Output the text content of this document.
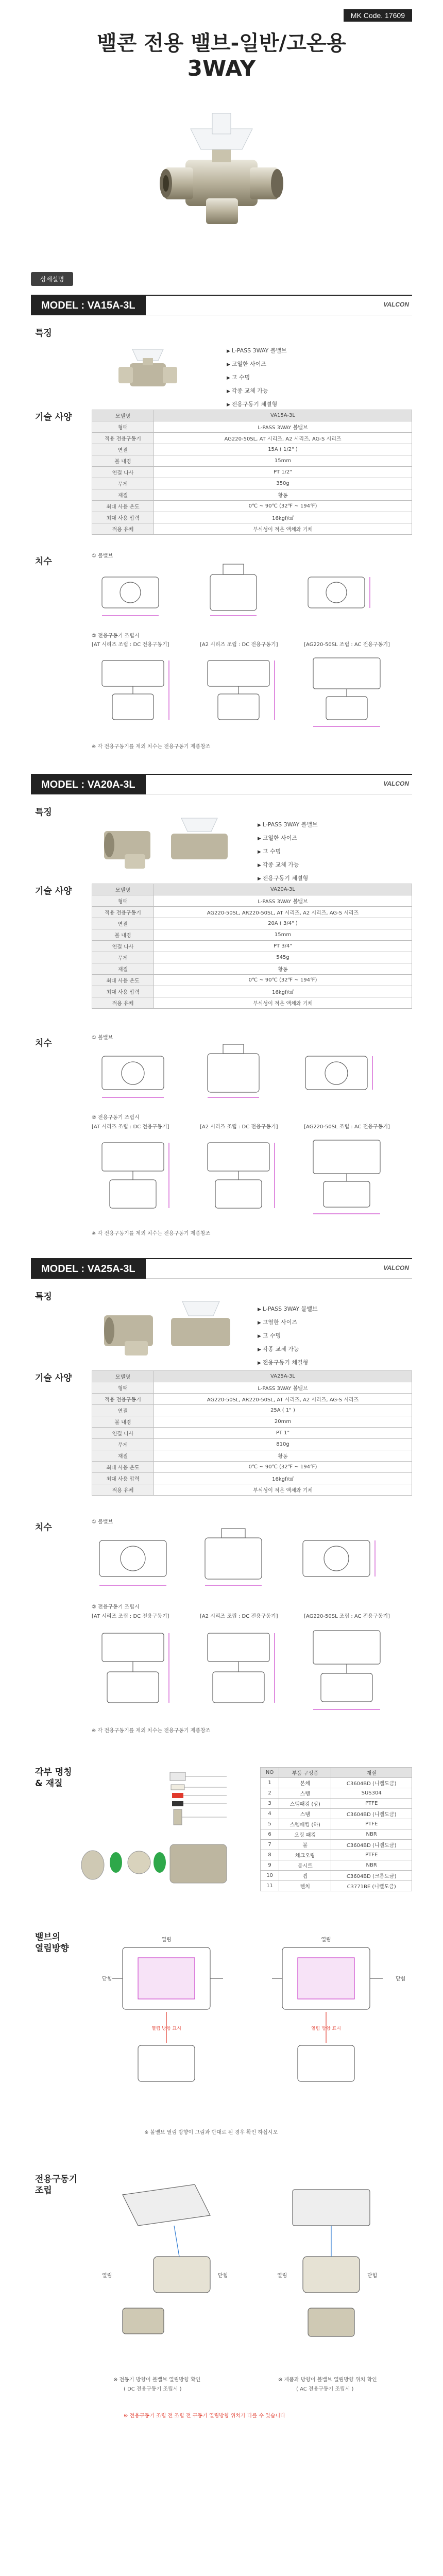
MK Code. 17609
밸콘 전용 밸브-일반/고온용
3WAY
상세설명
MODEL : VA15A-3L	VALCON
특징
▶ L-PASS 3WAY 볼밸브
▶ 고열한 사이즈
▶ 고 수명
▶ 각종 교체 가능
▶ 전용구동기 체결형
기술 사양	모델명	VA15A-3L
형태	L-PASS 3WAY 볼밸브
적용 전용구동기	AG220-50SL, AT 시리즈, A2 시리즈, AG-S 시리즈
연결	15A ( 1/2" )
볼 내경	15mm
연결 나사	PT 1/2"
무게	350g
재질	황동
최대 사용 온도	0℃ ~ 90℃ (32℉ ~ 194℉)
최대 사용 압력	16kgf/㎠
적용 유체	부식성이 적은 액체와 기체
치수
① 볼밸브
② 전용구동기 조립시
[AT 시리즈 조립 : DC 전용구동기]	[A2 시리즈 조립 : DC 전용구동기]	[AG220-50SL 조립 : AC 전용구동기]
※ 각 전용구동기를 제외 치수는 전용구동기 제품참조
MODEL : VA20A-3L	VALCON
특징
▶ L-PASS 3WAY 볼밸브
▶ 고열한 사이즈
▶ 고 수명
▶ 각종 교체 가능
▶ 전용구동기 체결형
기술 사양	모델명	VA20A-3L
형태	L-PASS 3WAY 볼밸브
적용 전용구동기	AG220-50SL, AR220-50SL, AT 시리즈, A2 시리즈, AG-S 시리즈
연결	20A ( 3/4" )
볼 내경	15mm
연결 나사	PT 3/4"
무게	545g
재질	황동
최대 사용 온도	0℃ ~ 90℃ (32℉ ~ 194℉)
최대 사용 압력	16kgf/㎠
적용 유체	부식성이 적은 액체와 기체
치수
① 볼밸브
② 전용구동기 조립시
[AT 시리즈 조립 : DC 전용구동기]	[A2 시리즈 조립 : DC 전용구동기]	[AG220-50SL 조립 : AC 전용구동기]
※ 각 전용구동기를 제외 치수는 전용구동기 제품참조
MODEL : VA25A-3L	VALCON
특징
▶ L-PASS 3WAY 볼밸브
▶ 고열한 사이즈
▶ 고 수명
▶ 각종 교체 가능
▶ 전용구동기 체결형
기술 사양	모델명	VA25A-3L
형태	L-PASS 3WAY 볼밸브
적용 전용구동기	AG220-50SL, AR220-50SL, AT 시리즈, A2 시리즈, AG-S 시리즈
연결	25A ( 1" )
볼 내경	20mm
연결 나사	PT 1"
무게	810g
재질	황동
최대 사용 온도	0℃ ~ 90℃ (32℉ ~ 194℉)
최대 사용 압력	16kgf/㎠
적용 유체	부식성이 적은 액체와 기체
치수
① 볼밸브
② 전용구동기 조립시
[AT 시리즈 조립 : DC 전용구동기]	[A2 시리즈 조립 : DC 전용구동기]	[AG220-50SL 조립 : AC 전용구동기]
※ 각 전용구동기를 제외 치수는 전용구동기 제품참조
각부 명칭
& 재질
NO	부품 구성품	재질
1	본체	C3604BD (니켈도금)
2	스템	SUS304
3	스템패킹 (상)	PTFE
4	스템	C3604BD (니켈도금)
5	스템패킹 (하)	PTFE
6	오링 패킹	NBR
7	볼	C3604BD (니켈도금)
8	체크오링	PTFE
9	볼시트	NBR
10	캡	C3604BD (크롬도금)
11	렌치	C3771BE (니켈도금)
밸브의
열림방향
열림
닫힘
열림
닫힘
열림 방향 표시	열림 방향 표시
※ 볼밸브 열림 방향이 그림과 반대로 된 경우 확인 하십시오
전용구동기
조립
열림	닫힘	열림	닫힘
※ 전동기 방향이 볼밸브 열림방향 확인
( DC 전용구동기 조립시 )
※ 제품과 방향이 볼밸브 열림방향 위치 확인
( AC 전용구동기 조립시 )
※ 전용구동기 조립 전 조립 전 구동기 열림방향 위치가 다를 수 있습니다
